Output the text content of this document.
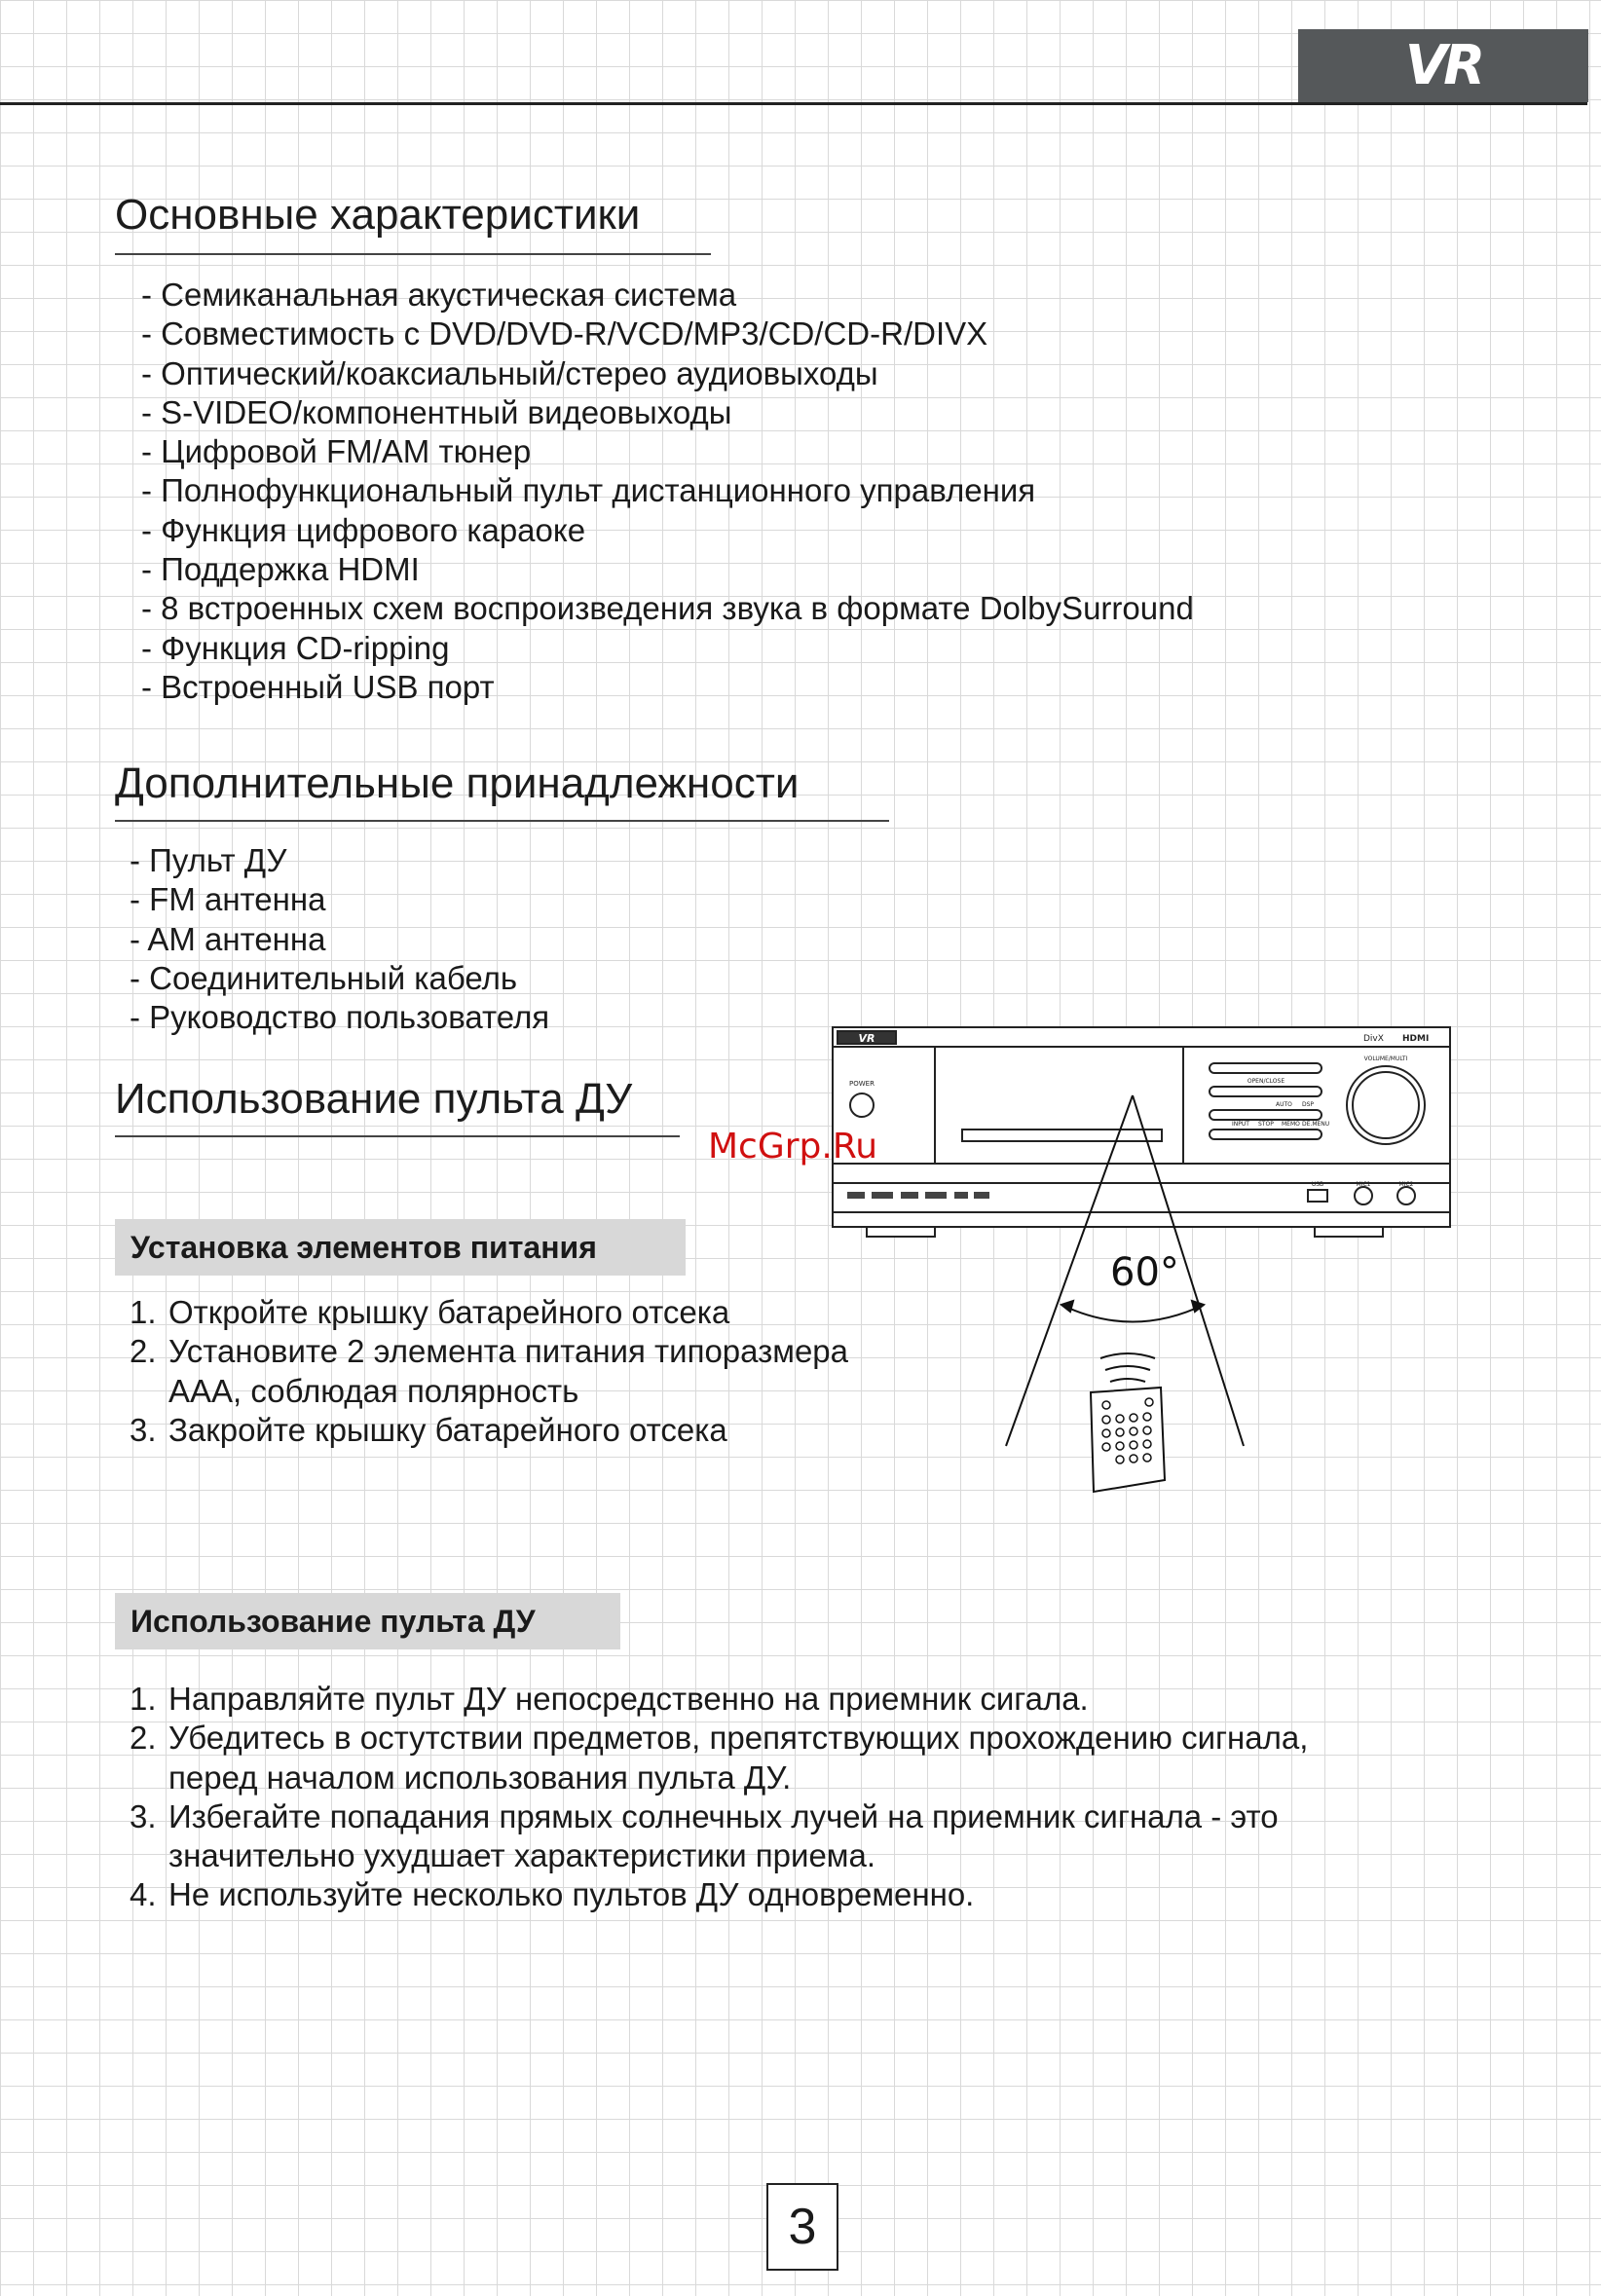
VR
Основные характеристики
- Семиканальная акустическая система
- Совместимость с DVD/DVD-R/VCD/MP3/CD/CD-R/DIVX
- Оптический/коаксиальный/стерео аудиовыходы
- S-VIDEO/компонентный видеовыходы
- Цифровой FM/AM тюнер
- Полнофункциональный пульт дистанционного управления
- Функция цифрового караоке
- Поддержка HDMI
- 8 встроенных схем воспроизведения звука в формате DolbySurround
- Функция CD-ripping
- Встроенный USB порт
Дополнительные принадлежности
- Пульт ДУ
- FM антенна
- AM антенна
- Соединительный кабель
- Руководство пользователя
Использование пульта ДУ
Установка элементов питания
1. Откройте крышку батарейного отсека
2. Установите 2 элемента питания типоразмера
AAA, соблюдая полярность
3. Закройте крышку батарейного отсека
Использование пульта ДУ
1. Направляйте пульт ДУ непосредственно на приемник сигала.
2. Убедитесь в остутствии предметов, препятствующих прохождению сигнала,
перед началом использования пульта ДУ.
3. Избегайте попадания прямых солнечных лучей на приемник сигнала - это
значительно ухудшает характеристики приема.
4. Не используйте несколько пультов ДУ одновременно.
VR	DivX HDMI
POWER	OPEN/CLOSE
INPUT STOP MEMO DE.MENU
AUTO DSP
VOLUME/MULTI
USB	MIC1	MIC2
60°
McGrp.Ru
3
